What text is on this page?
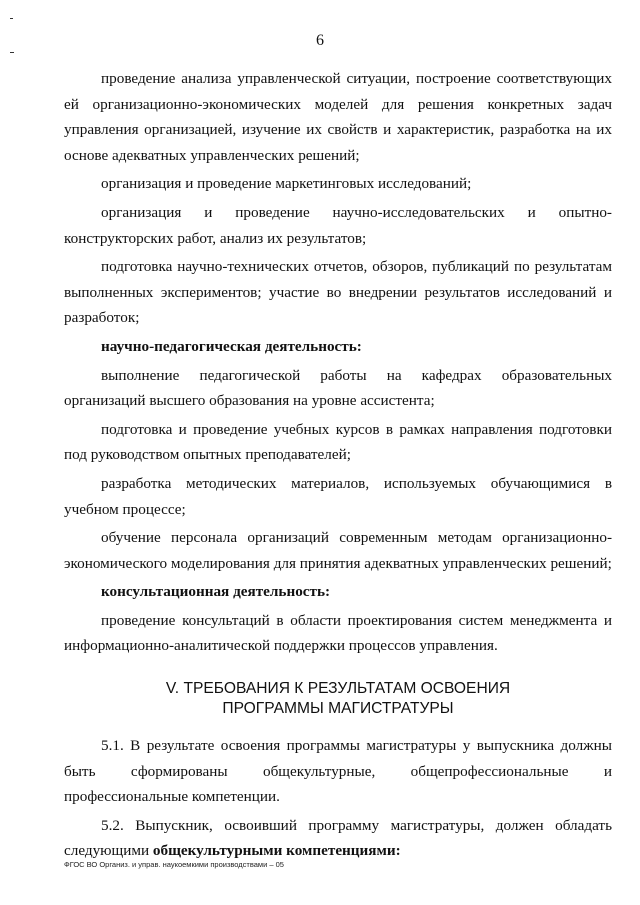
6

проведение анализа управленческой ситуации, построение соответствующих ей организационно-экономических моделей для решения конкретных задач управления организацией, изучение их свойств и характеристик, разработка на их основе адекватных управленческих решений;

организация и проведение маркетинговых исследований;

организация и проведение научно-исследовательских и опытно-конструкторских работ, анализ их результатов;

подготовка научно-технических отчетов, обзоров, публикаций по результатам выполненных экспериментов; участие во внедрении результатов исследований и разработок;

научно-педагогическая деятельность:

выполнение педагогической работы на кафедрах образовательных организаций высшего образования на уровне ассистента;

подготовка и проведение учебных курсов в рамках направления подготовки под руководством опытных преподавателей;

разработка методических материалов, используемых обучающимися в учебном процессе;

обучение персонала организаций современным методам организационно-экономического моделирования для принятия адекватных управленческих решений;

консультационная деятельность:

проведение консультаций в области проектирования систем менеджмента и информационно-аналитической поддержки процессов управления.

V. ТРЕБОВАНИЯ К РЕЗУЛЬТАТАМ ОСВОЕНИЯ
ПРОГРАММЫ МАГИСТРАТУРЫ

5.1. В результате освоения программы магистратуры у выпускника должны быть сформированы общекультурные, общепрофессиональные и профессиональные компетенции.

5.2. Выпускник, освоивший программу магистратуры, должен обладать следующими общекультурными компетенциями:

ФГОС ВО Организ. и управ. наукоемкими производствами – 05
